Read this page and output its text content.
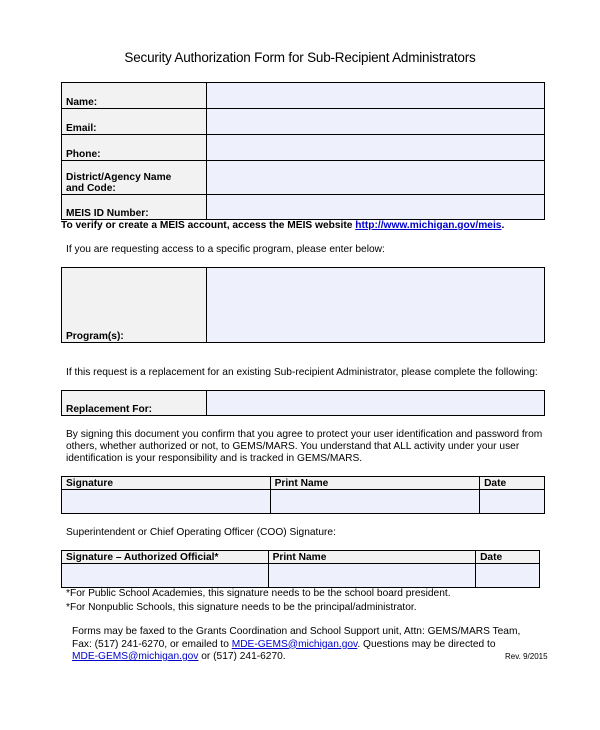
Security Authorization Form for Sub-Recipient Administrators
Name:	
Email:	
Phone:	

District/Agency Name
and Code:	

MEIS ID Number:	
To verify or create a MEIS account, access the MEIS website http://www.michigan.gov/meis.
If you are requesting access to a specific program, please enter below:
Program(s):	
If this request is a replacement for an existing Sub-recipient Administrator, please complete the following:
Replacement For:	
By signing this document you confirm that you agree to protect your user identification and password from
others, whether authorized or not, to GEMS/MARS. You understand that ALL activity under your user
identification is your responsibility and is tracked in GEMS/MARS.
Signature	Print Name	Date

Superintendent or Chief Operating Officer (COO) Signature:
Signature – Authorized Official*	Print Name	Date

*For Public School Academies, this signature needs to be the school board president.
*For Nonpublic Schools, this signature needs to be the principal/administrator.
Forms may be faxed to the Grants Coordination and School Support unit, Attn: GEMS/MARS Team,
Fax: (517) 241-6270, or emailed to MDE-GEMS@michigan.gov. Questions may be directed to
MDE-GEMS@michigan.gov or (517) 241-6270.	Rev. 9/2015
